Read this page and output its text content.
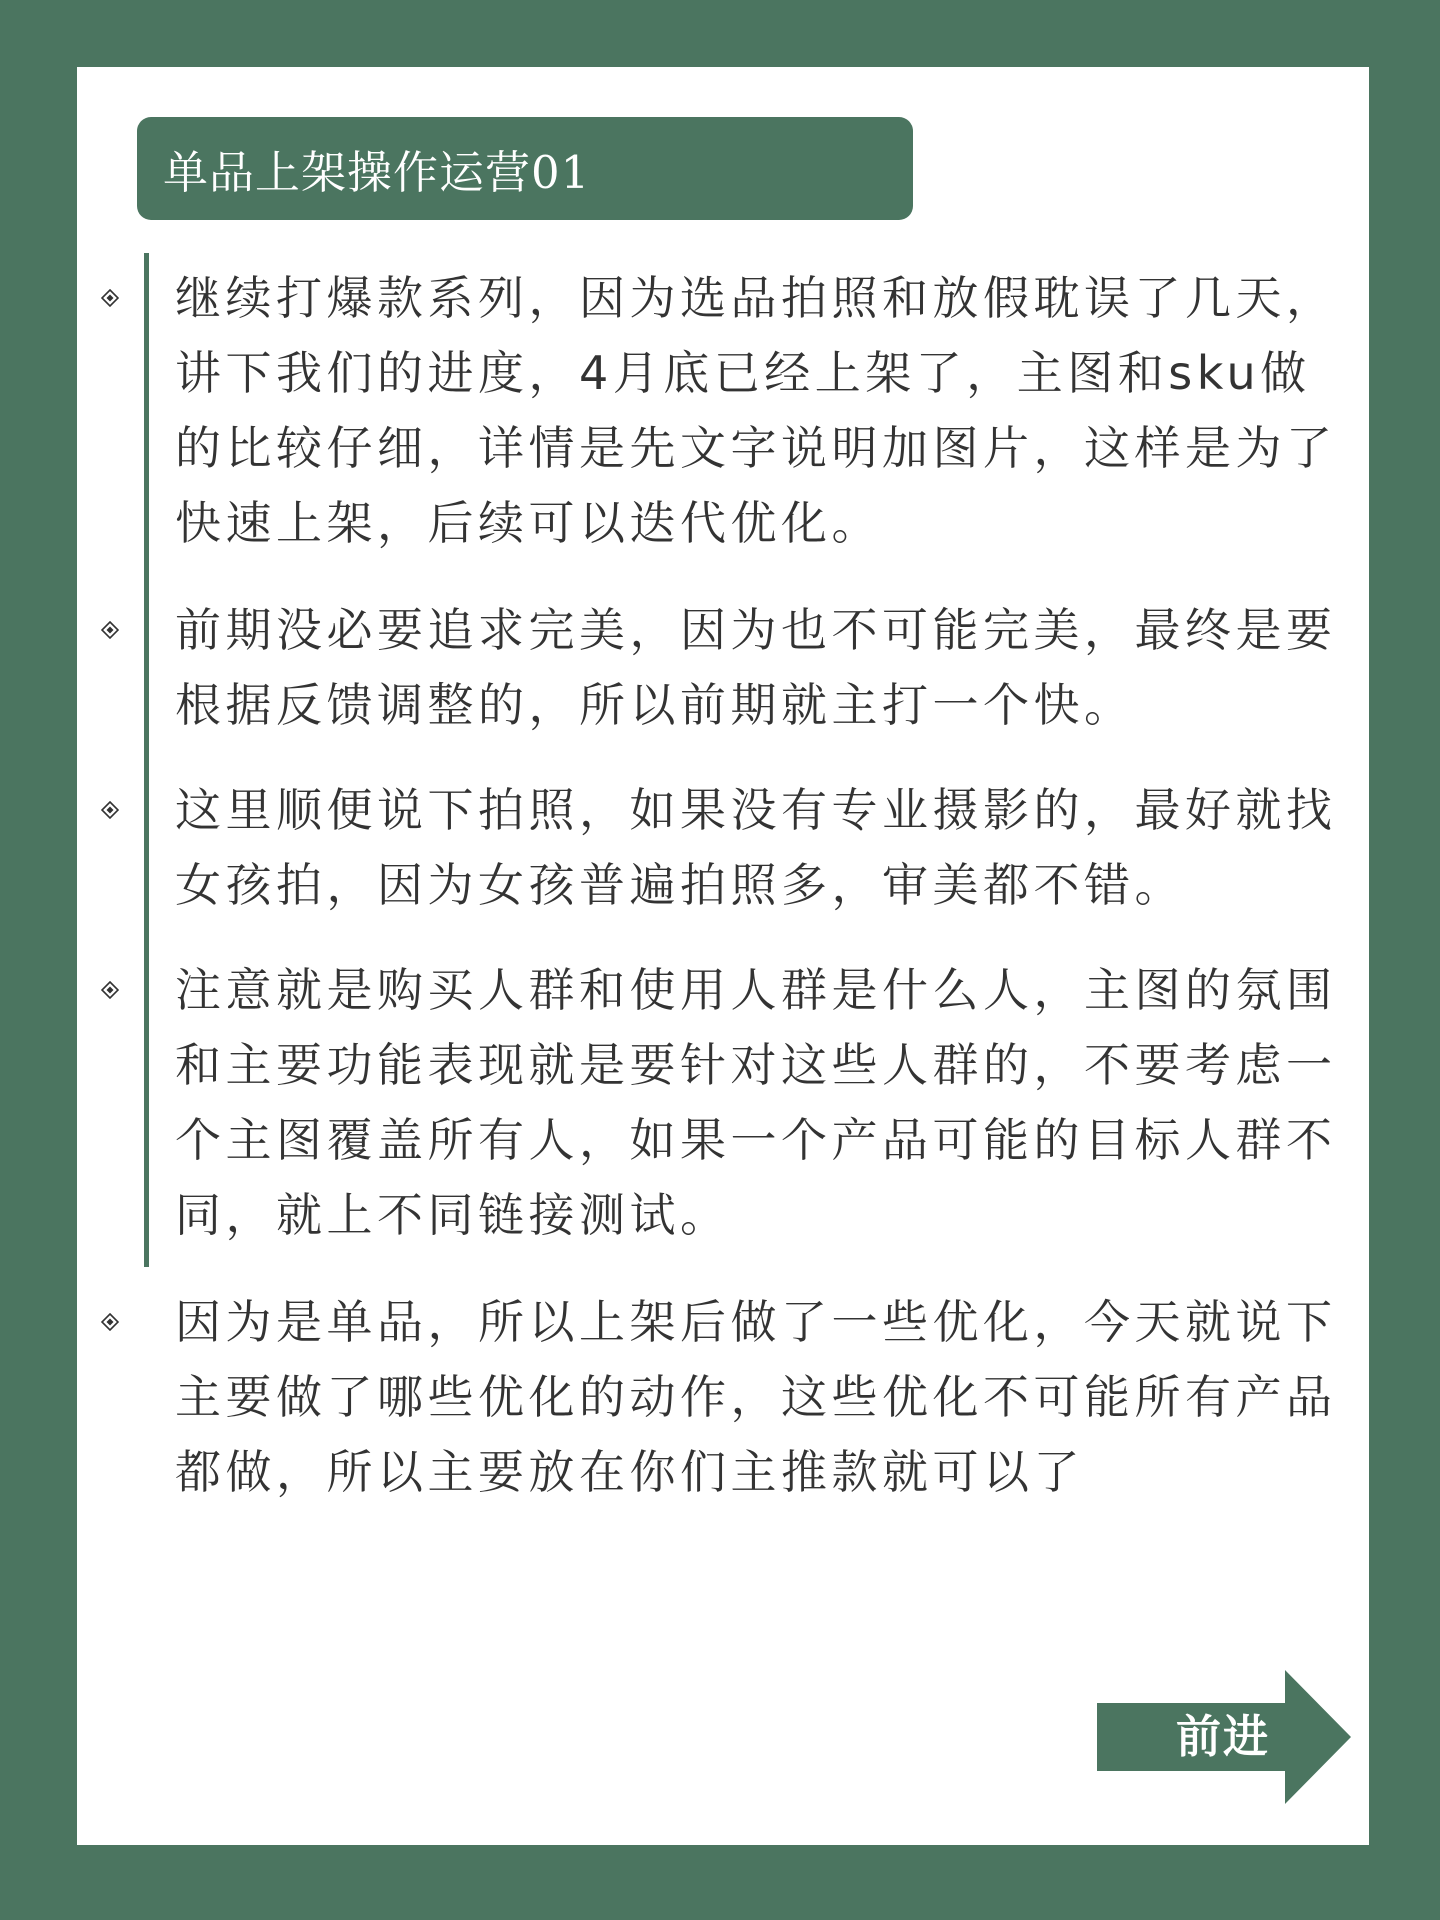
单品上架操作运营01

继续打爆款系列，因为选品拍照和放假耽误了几天，讲下我们的进度，4月底已经上架了，主图和sku做的比较仔细，详情是先文字说明加图片，这样是为了快速上架，后续可以迭代优化。

前期没必要追求完美，因为也不可能完美，最终是要根据反馈调整的，所以前期就主打一个快。

这里顺便说下拍照，如果没有专业摄影的，最好就找女孩拍，因为女孩普遍拍照多，审美都不错。

注意就是购买人群和使用人群是什么人，主图的氛围和主要功能表现就是要针对这些人群的，不要考虑一个主图覆盖所有人，如果一个产品可能的目标人群不同，就上不同链接测试。

因为是单品，所以上架后做了一些优化，今天就说下主要做了哪些优化的动作，这些优化不可能所有产品都做，所以主要放在你们主推款就可以了

前进
